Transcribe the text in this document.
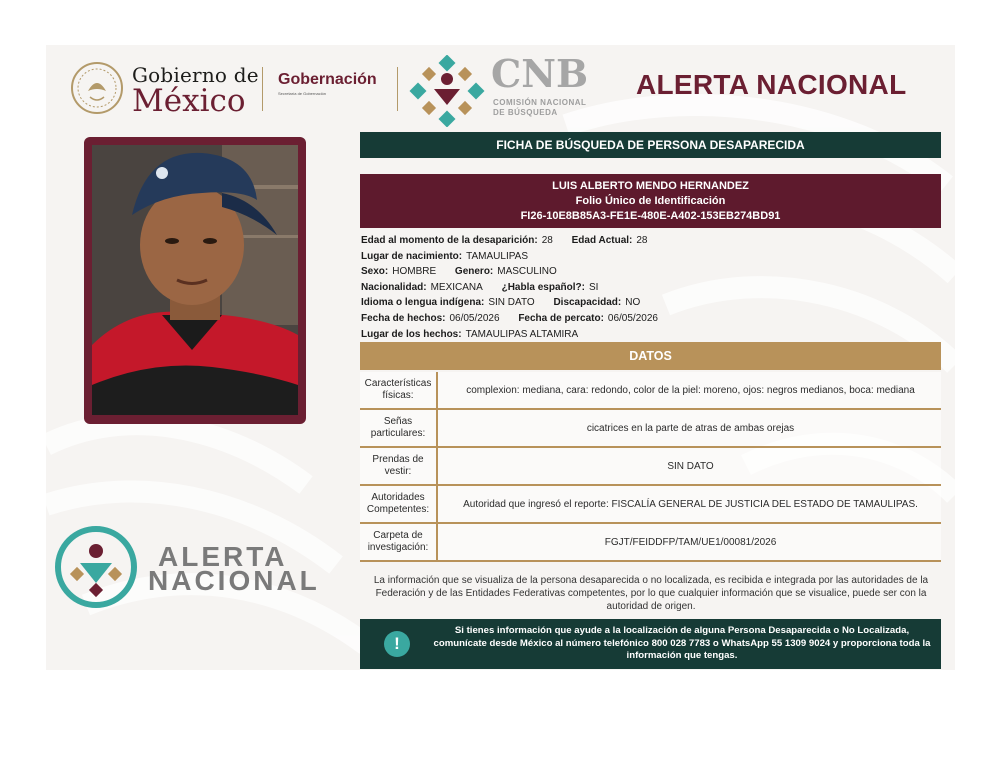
Gobierno de
México
Gobernación
Secretaría de Gobernación	CNB
COMISIÓN NACIONAL
DE BÚSQUEDA
ALERTA NACIONAL
ALERTA
NACIONAL
FICHA DE BÚSQUEDA DE PERSONA DESAPARECIDA
LUIS ALBERTO MENDO HERNANDEZ
Folio Único de Identificación
FI26-10E8B85A3-FE1E-480E-A402-153EB274BD91
Edad al momento de la desaparición: 28 Edad Actual: 28
Lugar de nacimiento: TAMAULIPAS
Sexo: HOMBRE Genero: MASCULINO
Nacionalidad: MEXICANA ¿Habla español?: SI
Idioma o lengua indígena: SIN DATO Discapacidad: NO
Fecha de hechos: 06/05/2026 Fecha de percato: 06/05/2026
Lugar de los hechos: TAMAULIPAS ALTAMIRA
DATOS
Características físicas:	complexion: mediana, cara: redondo, color de la piel: moreno, ojos: negros medianos, boca: mediana
Señas particulares:	cicatrices en la parte de atras de ambas orejas
Prendas de vestir:	SIN DATO
Autoridades Competentes:	Autoridad que ingresó el reporte: FISCALÍA GENERAL DE JUSTICIA DEL ESTADO DE TAMAULIPAS.
Carpeta de investigación:	FGJT/FEIDDFP/TAM/UE1/00081/2026
La información que se visualiza de la persona desaparecida o no localizada, es recibida e integrada por las autoridades de la Federación y de las Entidades Federativas competentes, por lo que cualquier información que se visualice, puede ser con la autoridad de origen.
!
Si tienes información que ayude a la localización de alguna Persona Desaparecida o No Localizada, comunícate desde México al número telefónico 800 028 7783 o WhatsApp 55 1309 9024 y proporciona toda la información que tengas.
